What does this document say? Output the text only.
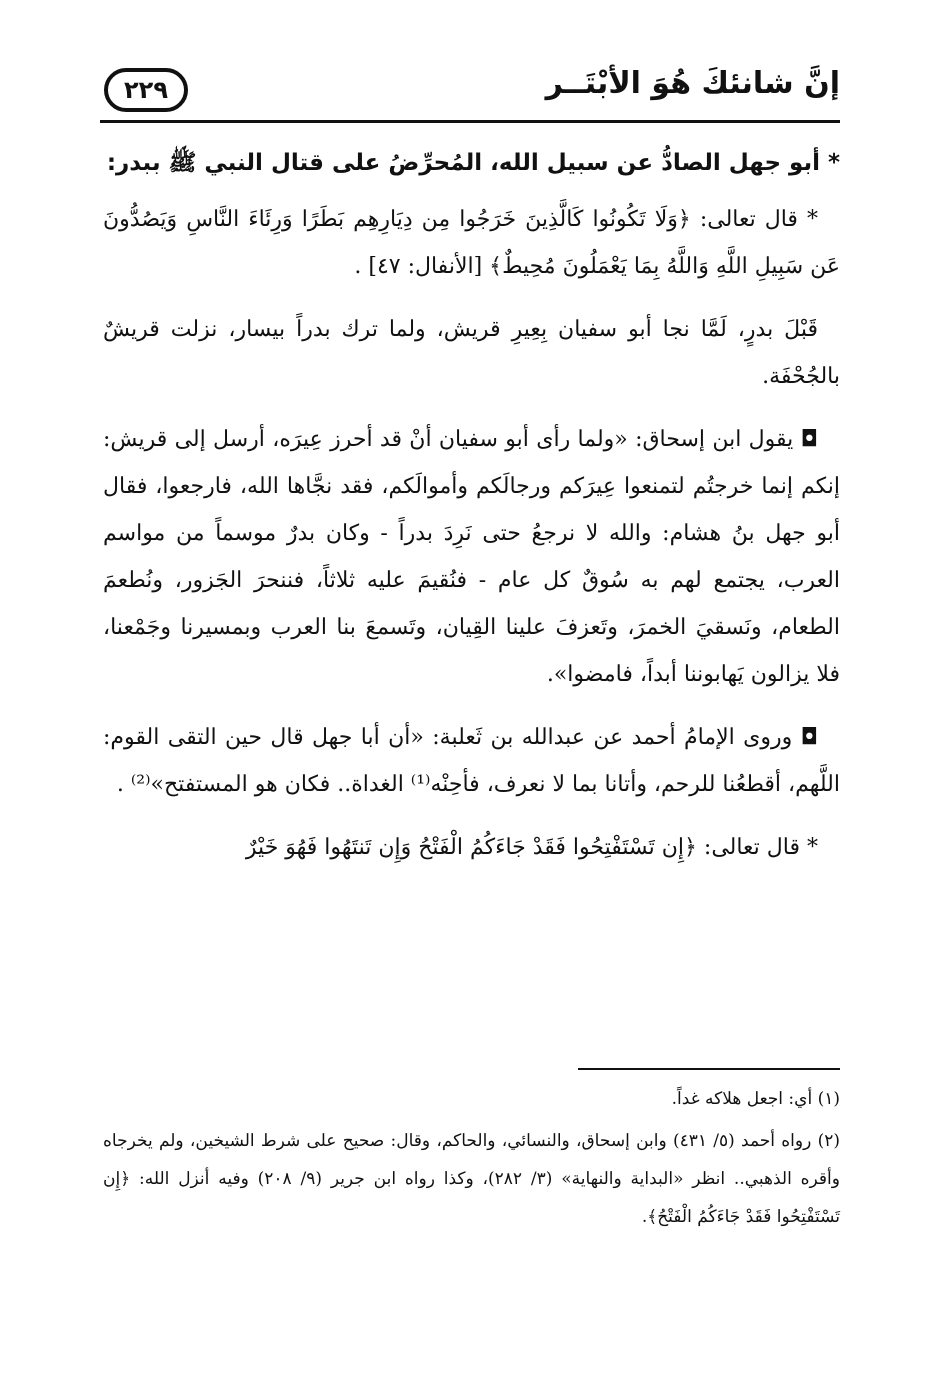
إنَّ شانئكَ هُوَ الأبْتَــر
٢٢٩

* أبو جهل الصادُّ عن سبيل الله، المُحرِّضُ على قتال النبي ﷺ ببدر:

* قال تعالى: ﴿وَلَا تَكُونُوا كَالَّذِينَ خَرَجُوا مِن دِيَارِهِم بَطَرًا وَرِئَاءَ النَّاسِ وَيَصُدُّونَ عَن سَبِيلِ اللَّهِ وَاللَّهُ بِمَا يَعْمَلُونَ مُحِيطٌ﴾ [الأنفال: ٤٧] .

قَبْلَ بدرٍ، لَمَّا نجا أبو سفيان بِعِيرِ قريش، ولما ترك بدراً بيسار، نزلت قريشٌ بالجُحْفَة.

◘ يقول ابن إسحاق: «ولما رأى أبو سفيان أنْ قد أحرز عِيرَه، أرسل إلى قريش: إنكم إنما خرجتُم لتمنعوا عِيرَكم ورجالَكم وأموالَكم، فقد نجَّاها الله، فارجعوا، فقال أبو جهل بنُ هشام: والله لا نرجعُ حتى نَرِدَ بدراً - وكان بدرٌ موسماً من مواسم العرب، يجتمع لهم به سُوقٌ كل عام - فنُقيمَ عليه ثلاثاً، فننحرَ الجَزور، ونُطعمَ الطعام، ونَسقيَ الخمرَ، وتَعزفَ علينا القِيان، وتَسمعَ بنا العرب وبمسيرنا وجَمْعنا، فلا يزالون يَهابوننا أبداً، فامضوا».

◘ وروى الإمامُ أحمد عن عبدالله بن ثَعلبة: «أن أبا جهل قال حين التقى القوم: اللَّهم، أقطعُنا للرحم، وأتانا بما لا نعرف، فأحِنْه⁽¹⁾ الغداة.. فكان هو المستفتح»⁽²⁾ .

* قال تعالى: ﴿إِن تَسْتَفْتِحُوا فَقَدْ جَاءَكُمُ الْفَتْحُ وَإِن تَنتَهُوا فَهُوَ خَيْرٌ

(١) أي: اجعل هلاكه غداً.

(٢) رواه أحمد (٥/ ٤٣١) وابن إسحاق، والنسائي، والحاكم، وقال: صحيح على شرط الشيخين، ولم يخرجاه وأقره الذهبي.. انظر «البداية والنهاية» (٣/ ٢٨٢)، وكذا رواه ابن جرير (٩/ ٢٠٨) وفيه أنزل الله: ﴿إِن تَسْتَفْتِحُوا فَقَدْ جَاءَكُمُ الْفَتْحُ﴾.
